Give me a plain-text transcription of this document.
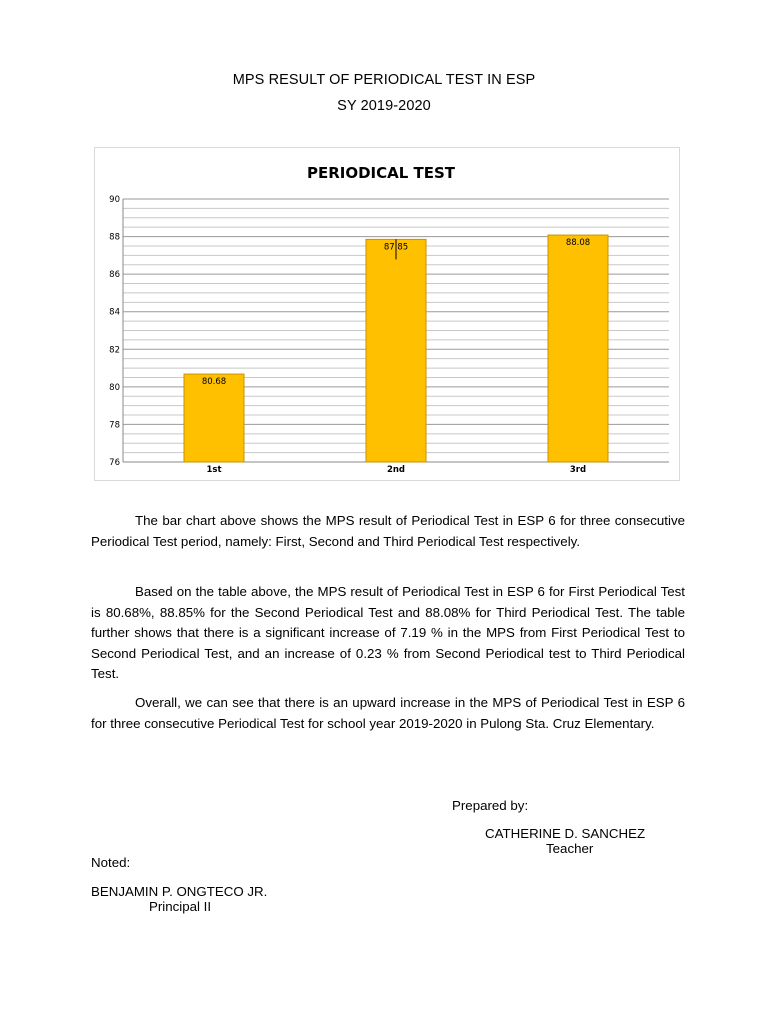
MPS RESULT OF PERIODICAL TEST IN ESP
SY 2019-2020
PERIODICAL TEST
76
78
80
82
84
86
88
90
80.68
1st
87.85
2nd
88.08
3rd
The bar chart above shows the MPS result of Periodical Test in ESP 6 for three consecutive Periodical Test period, namely: First, Second and Third Periodical Test respectively.
Based on the table above, the MPS result of Periodical Test in ESP 6 for First Periodical Test is 80.68%, 88.85% for the Second Periodical Test and 88.08% for Third Periodical Test. The table further shows that there is a significant increase of 7.19 % in the MPS from First Periodical Test to Second Periodical Test, and an increase of 0.23 % from Second Periodical test to Third Periodical Test.
Overall, we can see that there is an upward increase in the MPS of Periodical Test in ESP 6 for three consecutive Periodical Test for school year 2019-2020 in Pulong Sta. Cruz Elementary.
Prepared by:
CATHERINE D. SANCHEZ
Teacher
Noted:
BENJAMIN P. ONGTECO JR.
Principal II
